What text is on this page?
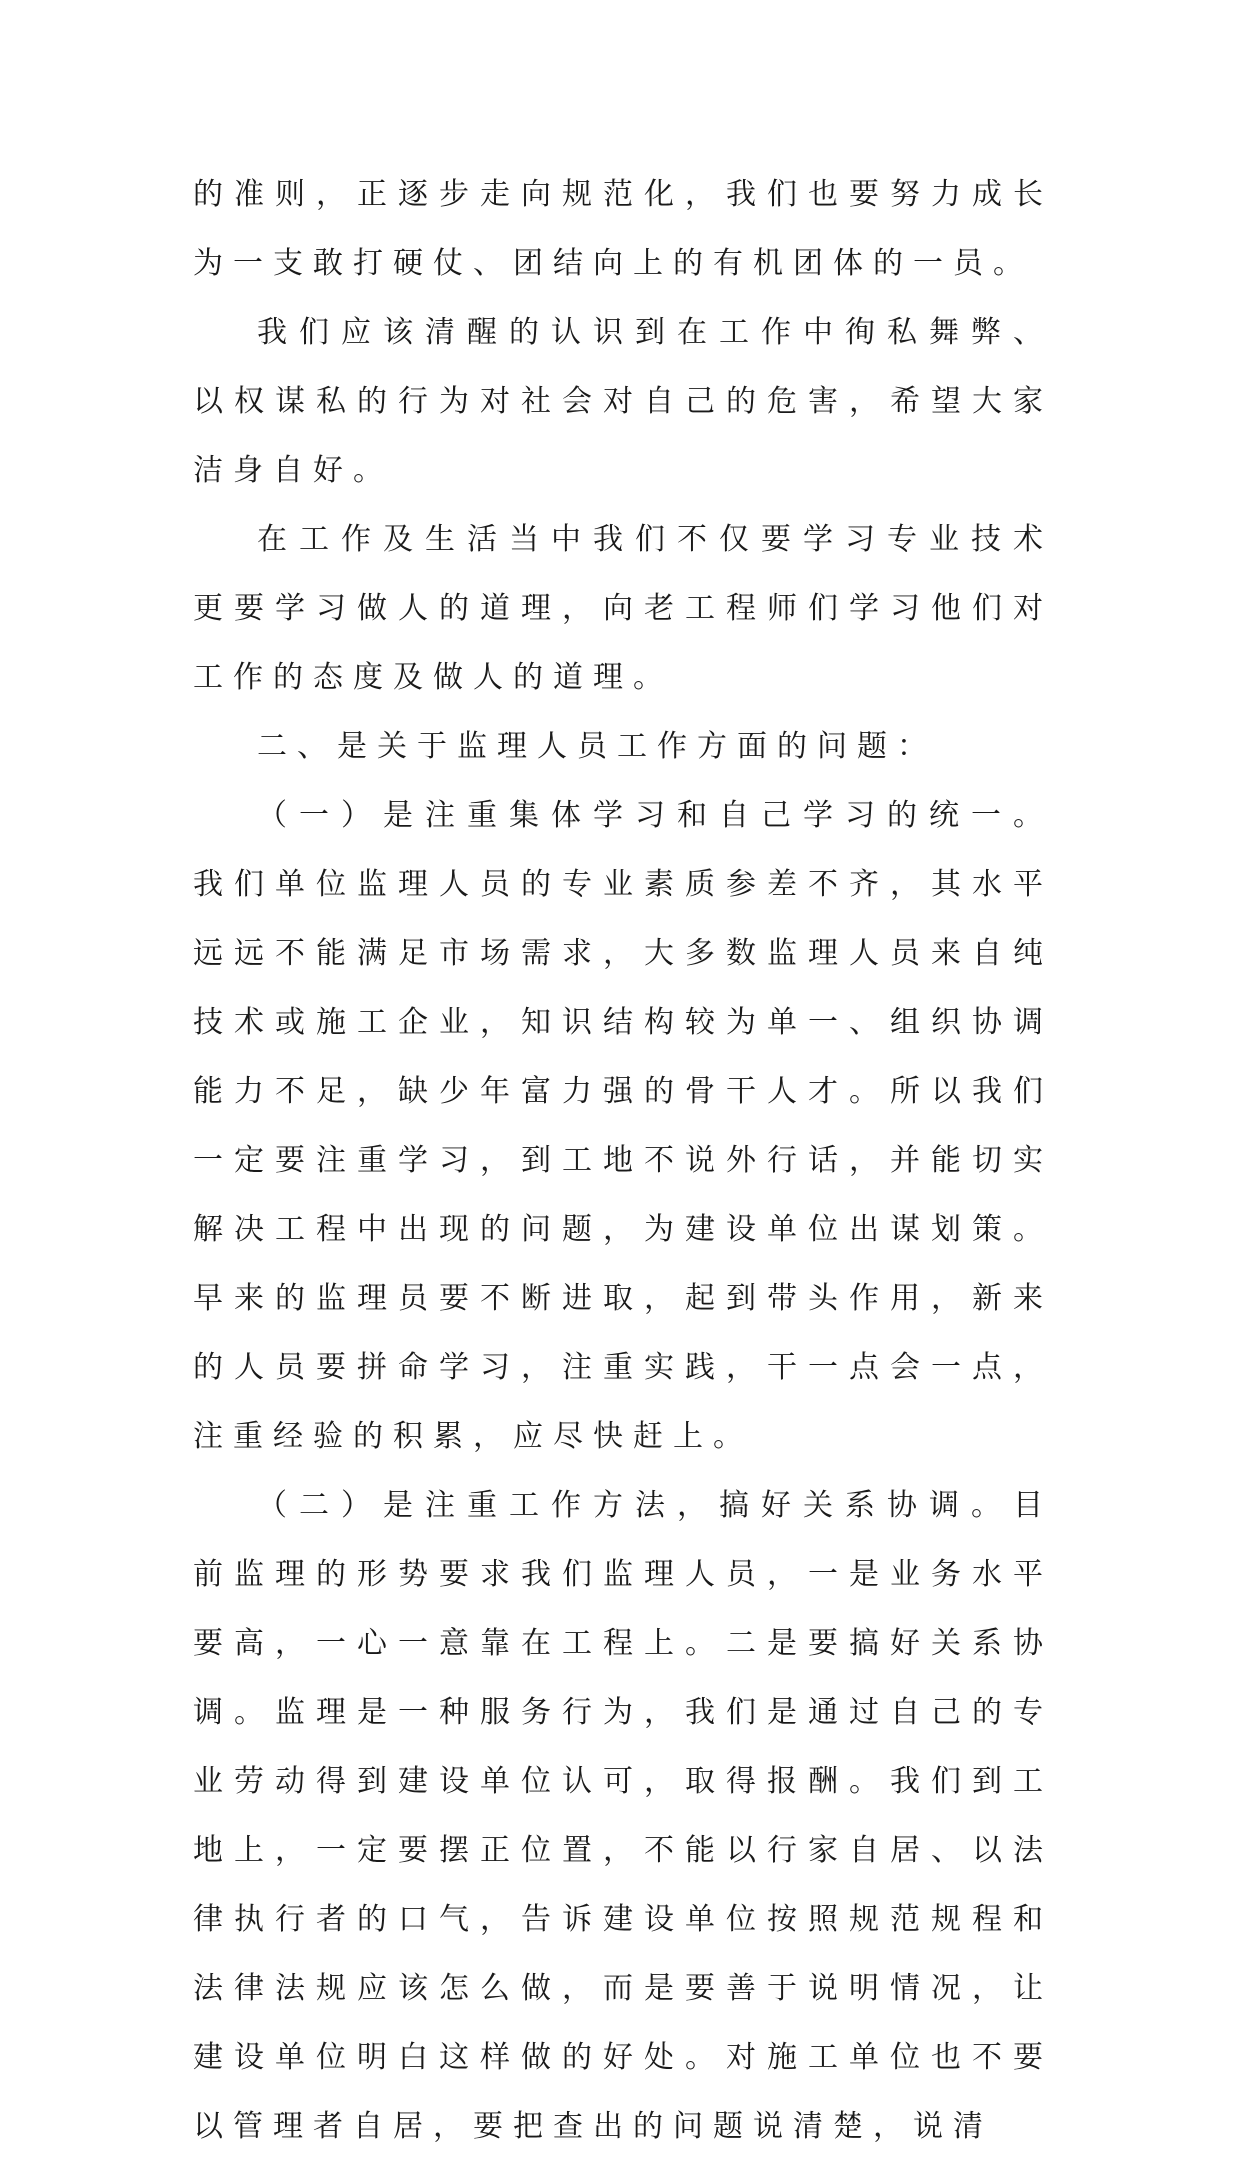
的准则，正逐步走向规范化，我们也要努力成长为一支敢打硬仗、团结向上的有机团体的一员。

我们应该清醒的认识到在工作中徇私舞弊、以权谋私的行为对社会对自己的危害，希望大家洁身自好。

在工作及生活当中我们不仅要学习专业技术更要学习做人的道理，向老工程师们学习他们对工作的态度及做人的道理。

二、是关于监理人员工作方面的问题：

（一）是注重集体学习和自己学习的统一。我们单位监理人员的专业素质参差不齐，其水平远远不能满足市场需求，大多数监理人员来自纯技术或施工企业，知识结构较为单一、组织协调能力不足，缺少年富力强的骨干人才。所以我们一定要注重学习，到工地不说外行话，并能切实解决工程中出现的问题，为建设单位出谋划策。早来的监理员要不断进取，起到带头作用，新来的人员要拼命学习，注重实践，干一点会一点，注重经验的积累，应尽快赶上。

（二）是注重工作方法，搞好关系协调。目前监理的形势要求我们监理人员，一是业务水平要高，一心一意靠在工程上。二是要搞好关系协调。监理是一种服务行为，我们是通过自己的专业劳动得到建设单位认可，取得报酬。我们到工地上，一定要摆正位置，不能以行家自居、以法律执行者的口气，告诉建设单位按照规范规程和法律法规应该怎么做，而是要善于说明情况，让建设单位明白这样做的好处。对施工单位也不要以管理者自居，要把查出的问题说清楚，说清
